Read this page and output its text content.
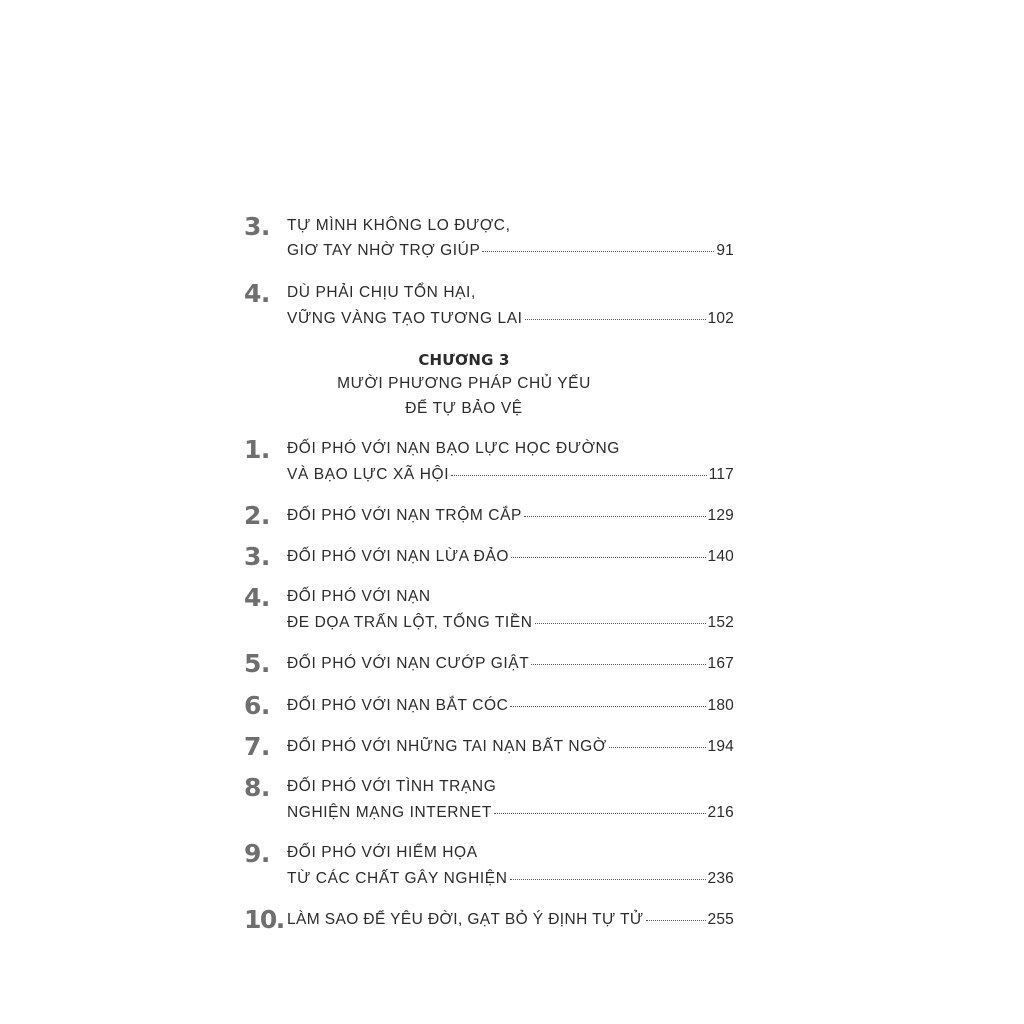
3. TỰ MÌNH KHÔNG LO ĐƯỢC,
GIƠ TAY NHỜ TRỢ GIÚP	91
4. DÙ PHẢI CHỊU TỔN HẠI,
VỮNG VÀNG TẠO TƯƠNG LAI	102
CHƯƠNG 3
MƯỜI PHƯƠNG PHÁP CHỦ YẾU
ĐỂ TỰ BẢO VỆ
1. ĐỐI PHÓ VỚI NẠN BẠO LỰC HỌC ĐƯỜNG
VÀ BẠO LỰC XÃ HỘI	117
2. ĐỐI PHÓ VỚI NẠN TRỘM CẮP	129
3. ĐỐI PHÓ VỚI NẠN LỪA ĐẢO	140
4. ĐỐI PHÓ VỚI NẠN
ĐE DỌA TRẤN LỘT, TỐNG TIỀN	152
5. ĐỐI PHÓ VỚI NẠN CƯỚP GIẬT	167
6. ĐỐI PHÓ VỚI NẠN BẮT CÓC	180
7. ĐỐI PHÓ VỚI NHỮNG TAI NẠN BẤT NGỜ	194
8. ĐỐI PHÓ VỚI TÌNH TRẠNG
NGHIỆN MẠNG INTERNET	216
9. ĐỐI PHÓ VỚI HIỂM HỌA
TỪ CÁC CHẤT GÂY NGHIỆN	236
10. LÀM SAO ĐỂ YÊU ĐỜI, GẠT BỎ Ý ĐỊNH TỰ TỬ	255
